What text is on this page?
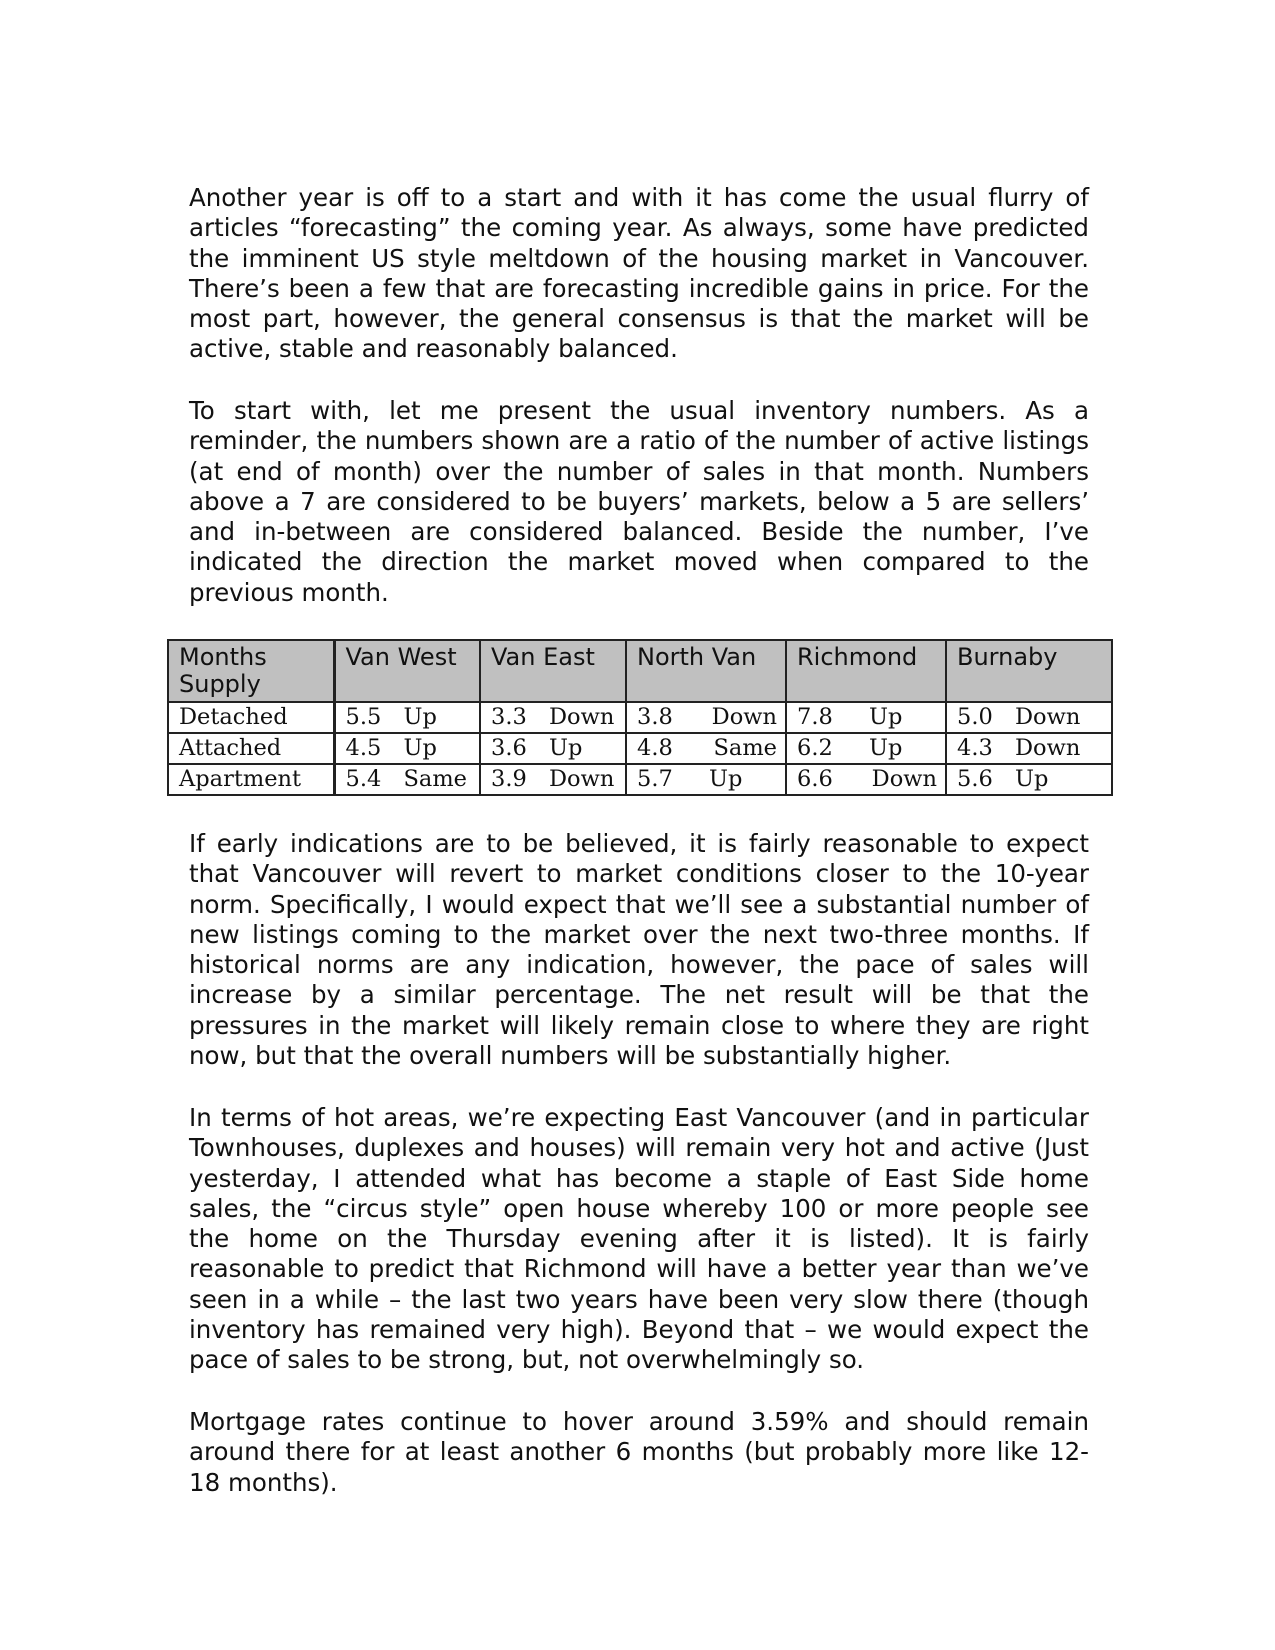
Another year is off to a start and with it has come the usual flurry of articles “forecasting” the coming year. As always, some have predicted the imminent US style meltdown of the housing market in Vancouver. There’s been a few that are forecasting incredible gains in price. For the most part, however, the general consensus is that the market will be active, stable and reasonably balanced.

To start with, let me present the usual inventory numbers. As a reminder, the numbers shown are a ratio of the number of active listings (at end of month) over the number of sales in that month. Numbers above a 7 are considered to be buyers’ markets, below a 5 are sellers’ and in-between are considered balanced. Beside the number, I’ve indicated the direction the market moved when compared to the previous month.

Months Supply	Van West	Van East	North Van	Richmond	Burnaby
Detached	5.5 Up	3.3 Down	3.8 Down	7.8 Up	5.0 Down
Attached	4.5 Up	3.6 Up	4.8 Same	6.2 Up	4.3 Down
Apartment	5.4 Same	3.9 Down	5.7 Up	6.6 Down	5.6 Up

If early indications are to be believed, it is fairly reasonable to expect that Vancouver will revert to market conditions closer to the 10-year norm. Specifically, I would expect that we’ll see a substantial number of new listings coming to the market over the next two-three months. If historical norms are any indication, however, the pace of sales will increase by a similar percentage. The net result will be that the pressures in the market will likely remain close to where they are right now, but that the overall numbers will be substantially higher.

In terms of hot areas, we’re expecting East Vancouver (and in particular Townhouses, duplexes and houses) will remain very hot and active (Just yesterday, I attended what has become a staple of East Side home sales, the “circus style” open house whereby 100 or more people see the home on the Thursday evening after it is listed). It is fairly reasonable to predict that Richmond will have a better year than we’ve seen in a while – the last two years have been very slow there (though inventory has remained very high). Beyond that – we would expect the pace of sales to be strong, but, not overwhelmingly so.

Mortgage rates continue to hover around 3.59% and should remain around there for at least another 6 months (but probably more like 12-18 months).
